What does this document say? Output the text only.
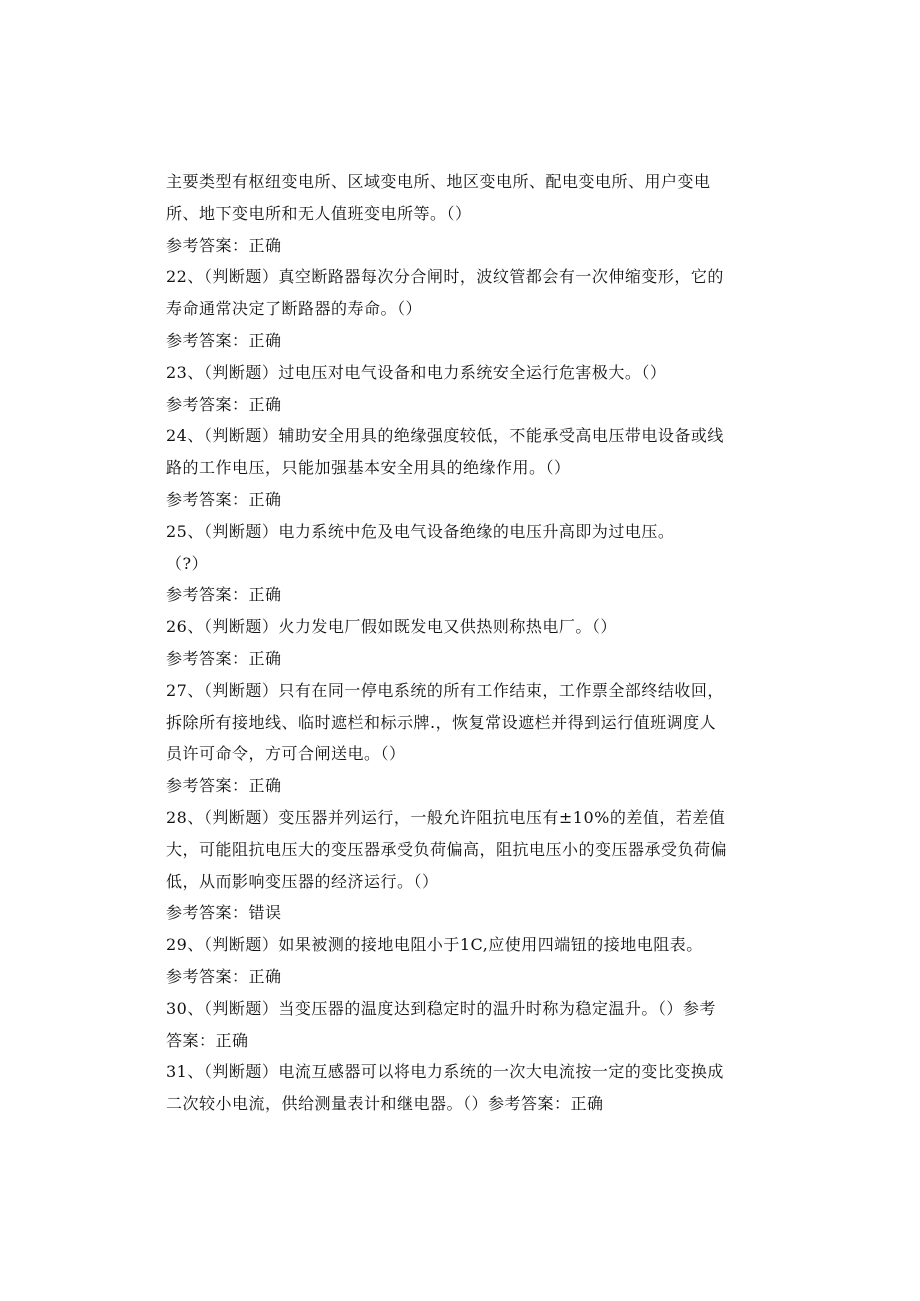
主要类型有枢纽变电所、区域变电所、地区变电所、配电变电所、用户变电
所、地下变电所和无人值班变电所等。（）
参考答案：正确
22、（判断题）真空断路器每次分合闸时，波纹管都会有一次伸缩变形，它的
寿命通常决定了断路器的寿命。（）
参考答案：正确
23、（判断题）过电压对电气设备和电力系统安全运行危害极大。（）
参考答案：正确
24、（判断题）辅助安全用具的绝缘强度较低，不能承受高电压带电设备或线
路的工作电压，只能加强基本安全用具的绝缘作用。（）
参考答案：正确
25、（判断题）电力系统中危及电气设备绝缘的电压升高即为过电压。
（?）
参考答案：正确
26、（判断题）火力发电厂假如既发电又供热则称热电厂。（）
参考答案：正确
27、（判断题）只有在同一停电系统的所有工作结束，工作票全部终结收回，
拆除所有接地线、临时遮栏和标示牌.，恢复常设遮栏并得到运行值班调度人
员许可命令，方可合闸送电。（）
参考答案：正确
28、（判断题）变压器并列运行，一般允许阻抗电压有±10%的差值，若差值
大，可能阻抗电压大的变压器承受负荷偏高，阻抗电压小的变压器承受负荷偏
低，从而影响变压器的经济运行。（）
参考答案：错误
29、（判断题）如果被测的接地电阻小于1C,应使用四端钮的接地电阻表。
参考答案：正确
30、（判断题）当变压器的温度达到稳定时的温升时称为稳定温升。（）参考
答案：正确
31、（判断题）电流互感器可以将电力系统的一次大电流按一定的变比变换成
二次较小电流，供给测量表计和继电器。（）参考答案：正确
